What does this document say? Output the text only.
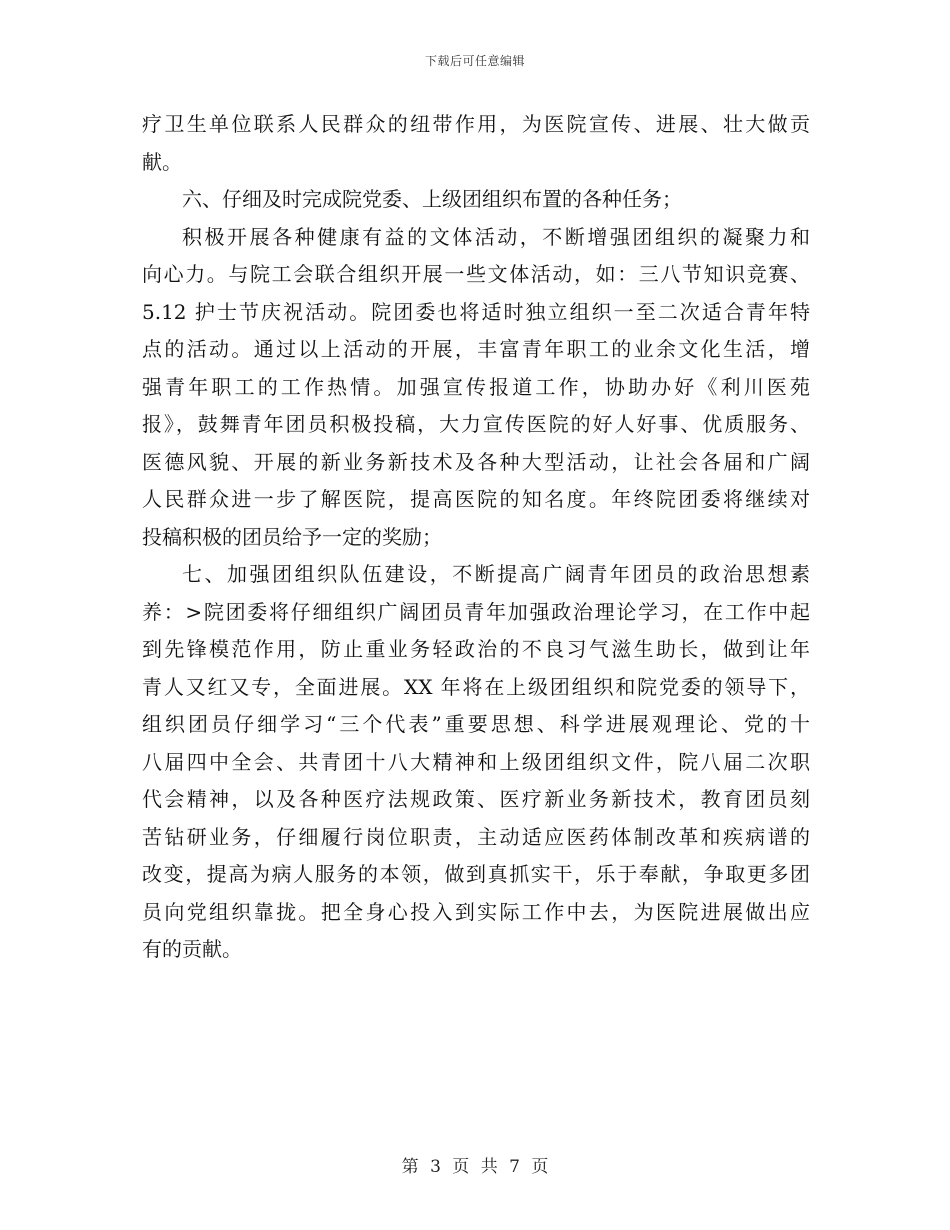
下载后可任意编辑
疗卫生单位联系人民群众的纽带作用，为医院宣传、进展、壮大做贡
献。
六、仔细及时完成院党委、上级团组织布置的各种任务；
积极开展各种健康有益的文体活动，不断增强团组织的凝聚力和
向心力。与院工会联合组织开展一些文体活动，如：三八节知识竞赛、
5.12 护士节庆祝活动。院团委也将适时独立组织一至二次适合青年特
点的活动。通过以上活动的开展，丰富青年职工的业余文化生活，增
强青年职工的工作热情。加强宣传报道工作，协助办好《利川医苑
报》，鼓舞青年团员积极投稿，大力宣传医院的好人好事、优质服务、
医德风貌、开展的新业务新技术及各种大型活动，让社会各届和广阔
人民群众进一步了解医院，提高医院的知名度。年终院团委将继续对
投稿积极的团员给予一定的奖励；
七、加强团组织队伍建设，不断提高广阔青年团员的政治思想素
养：>院团委将仔细组织广阔团员青年加强政治理论学习，在工作中起
到先锋模范作用，防止重业务轻政治的不良习气滋生助长，做到让年
青人又红又专，全面进展。XX 年将在上级团组织和院党委的领导下，
组织团员仔细学习“三个代表”重要思想、科学进展观理论、党的十
八届四中全会、共青团十八大精神和上级团组织文件，院八届二次职
代会精神，以及各种医疗法规政策、医疗新业务新技术，教育团员刻
苦钻研业务，仔细履行岗位职责，主动适应医药体制改革和疾病谱的
改变，提高为病人服务的本领，做到真抓实干，乐于奉献，争取更多团
员向党组织靠拢。把全身心投入到实际工作中去，为医院进展做出应
有的贡献。
第 3 页 共 7 页
